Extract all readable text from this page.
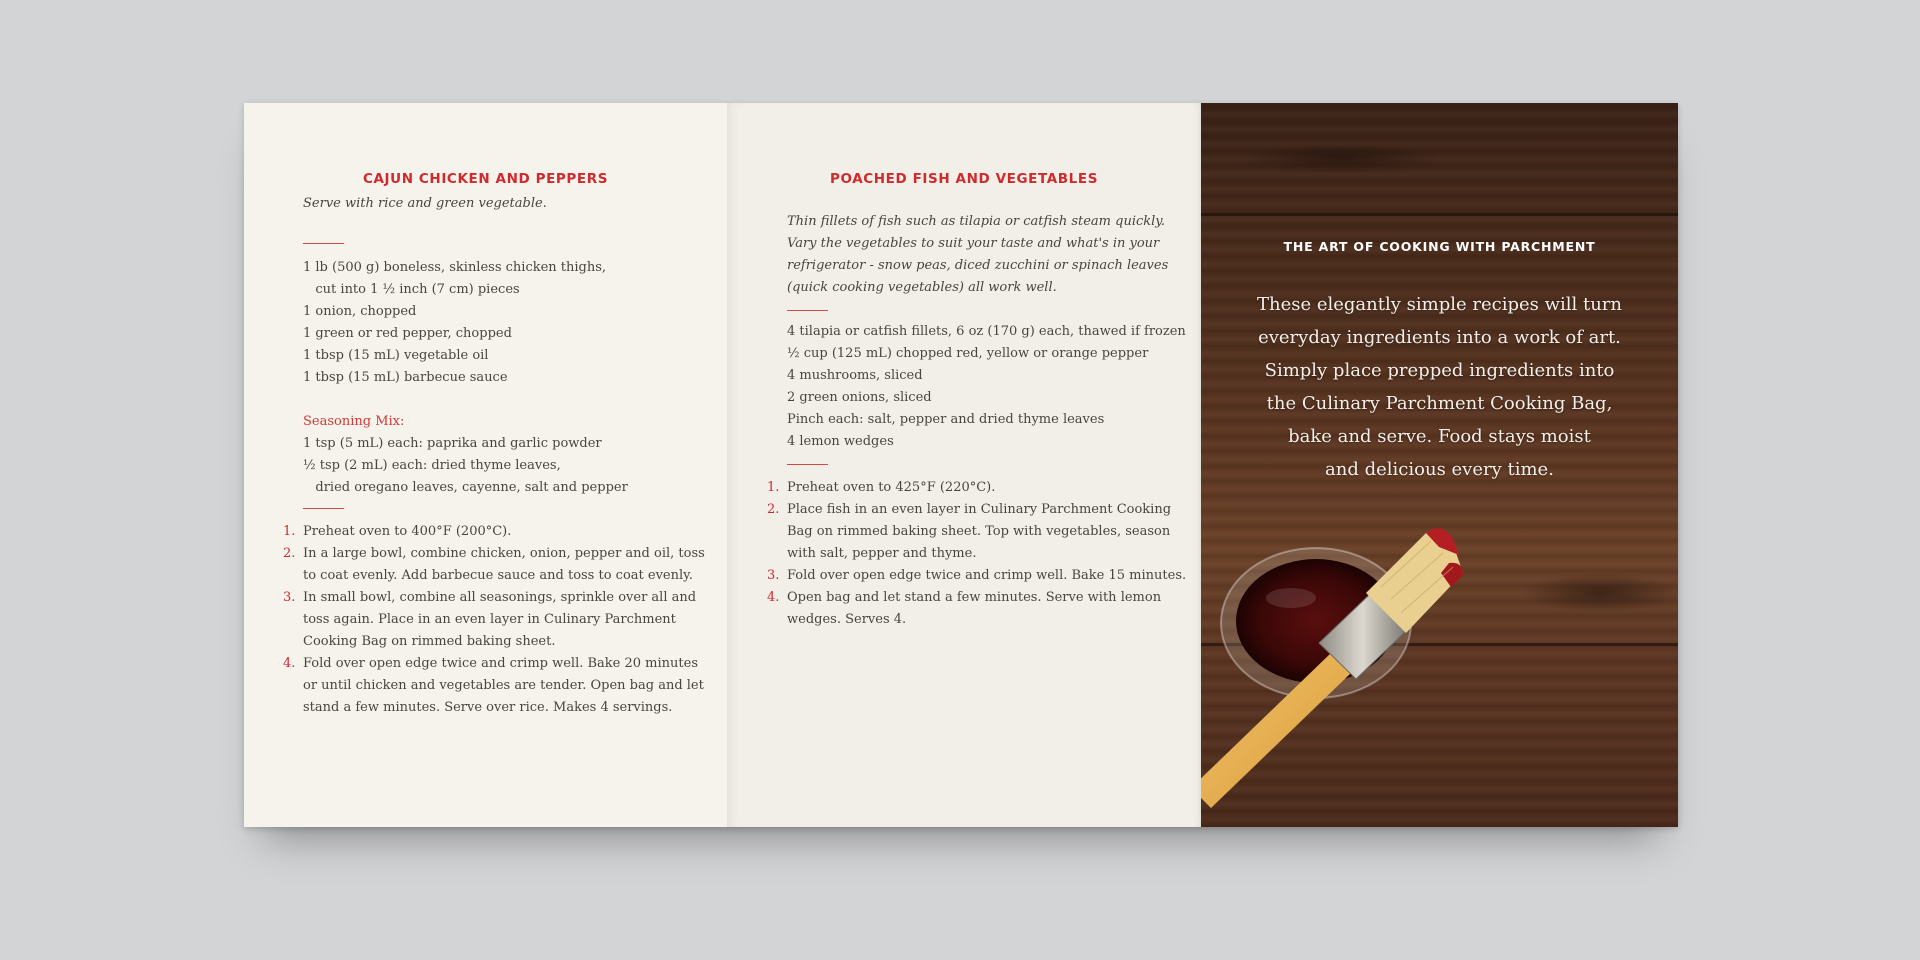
CAJUN CHICKEN AND PEPPERS

Serve with rice and green vegetable.

1 lb (500 g) boneless, skinless chicken thighs,
cut into 1 ½ inch (7 cm) pieces
1 onion, chopped
1 green or red pepper, chopped
1 tbsp (15 mL) vegetable oil
1 tbsp (15 mL) barbecue sauce
Seasoning Mix:
1 tsp (5 mL) each: paprika and garlic powder
½ tsp (2 mL) each: dried thyme leaves,
dried oregano leaves, cayenne, salt and pepper
1. Preheat oven to 400°F (200°C).
2. In a large bowl, combine chicken, onion, pepper and oil, toss
to coat evenly. Add barbecue sauce and toss to coat evenly.
3. In small bowl, combine all seasonings, sprinkle over all and
toss again. Place in an even layer in Culinary Parchment
Cooking Bag on rimmed baking sheet.
4. Fold over open edge twice and crimp well. Bake 20 minutes
or until chicken and vegetables are tender. Open bag and let
stand a few minutes. Serve over rice. Makes 4 servings.
POACHED FISH AND VEGETABLES
Thin fillets of fish such as tilapia or catfish steam quickly.
Vary the vegetables to suit your taste and what's in your
refrigerator - snow peas, diced zucchini or spinach leaves
(quick cooking vegetables) all work well.
4 tilapia or catfish fillets, 6 oz (170 g) each, thawed if frozen
½ cup (125 mL) chopped red, yellow or orange pepper
4 mushrooms, sliced
2 green onions, sliced
Pinch each: salt, pepper and dried thyme leaves
4 lemon wedges
1. Preheat oven to 425°F (220°C).
2. Place fish in an even layer in Culinary Parchment Cooking
Bag on rimmed baking sheet. Top with vegetables, season
with salt, pepper and thyme.
3. Fold over open edge twice and crimp well. Bake 15 minutes.
4. Open bag and let stand a few minutes. Serve with lemon
wedges. Serves 4.
THE ART OF COOKING WITH PARCHMENT
These elegantly simple recipes will turn
everyday ingredients into a work of art.
Simply place prepped ingredients into
the Culinary Parchment Cooking Bag,
bake and serve. Food stays moist
and delicious every time.
